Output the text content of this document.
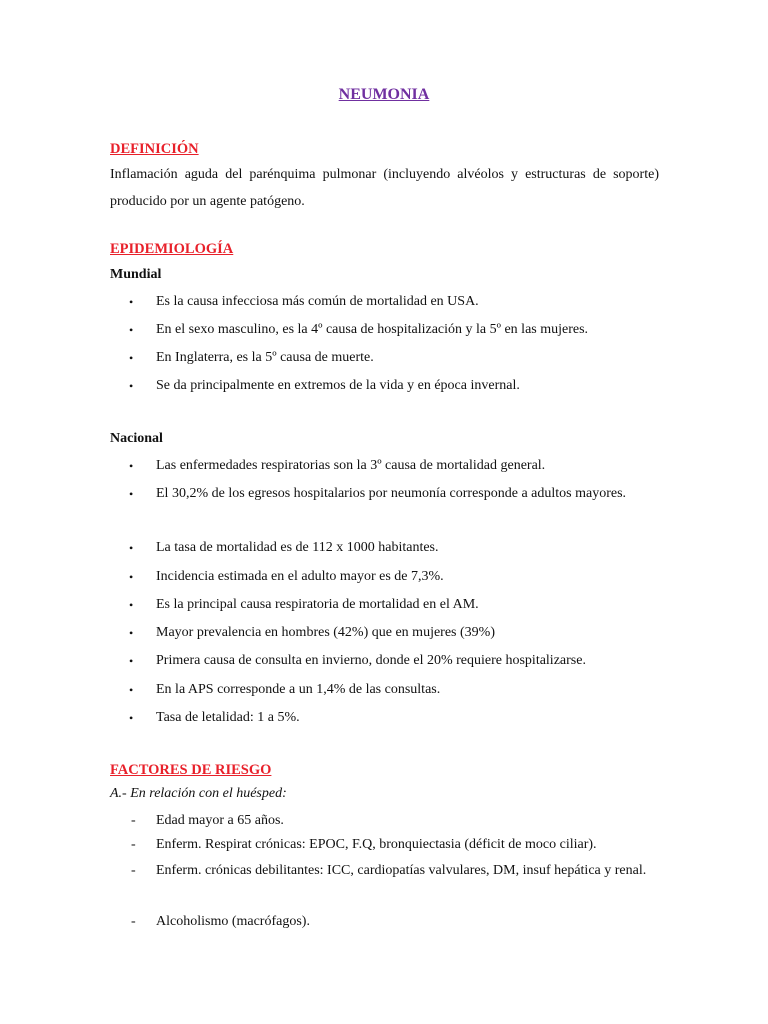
NEUMONIA
DEFINICIÓN
Inflamación aguda del parénquima pulmonar (incluyendo alvéolos y estructuras de soporte) producido por un agente patógeno.
EPIDEMIOLOGÍA
Mundial
•	Es la causa infecciosa más común de mortalidad en USA.
•	En el sexo masculino, es la 4º causa de hospitalización y la 5º en las mujeres.
•	En Inglaterra, es la 5º causa de muerte.
•	Se da principalmente en extremos de la vida y en época invernal.
Nacional
•	Las enfermedades respiratorias son la 3º causa de mortalidad general.
•	El 30,2% de los egresos hospitalarios por neumonía corresponde a adultos mayores.
•	La tasa de mortalidad es de 112 x 1000 habitantes.
•	Incidencia estimada en el adulto mayor es de 7,3%.
•	Es la principal causa respiratoria de mortalidad en el AM.
•	Mayor prevalencia en hombres (42%) que en mujeres (39%)
•	Primera causa de consulta en invierno, donde el 20% requiere hospitalizarse.
•	En la APS corresponde a un 1,4% de las consultas.
•	Tasa de letalidad: 1 a 5%.
FACTORES DE RIESGO
A.- En relación con el huésped:
-	Edad mayor a 65 años.
-	Enferm. Respirat crónicas: EPOC, F.Q, bronquiectasia (déficit de moco ciliar).
-	Enferm. crónicas debilitantes: ICC, cardiopatías valvulares, DM, insuf hepática y renal.
-	Alcoholismo (macrófagos).
